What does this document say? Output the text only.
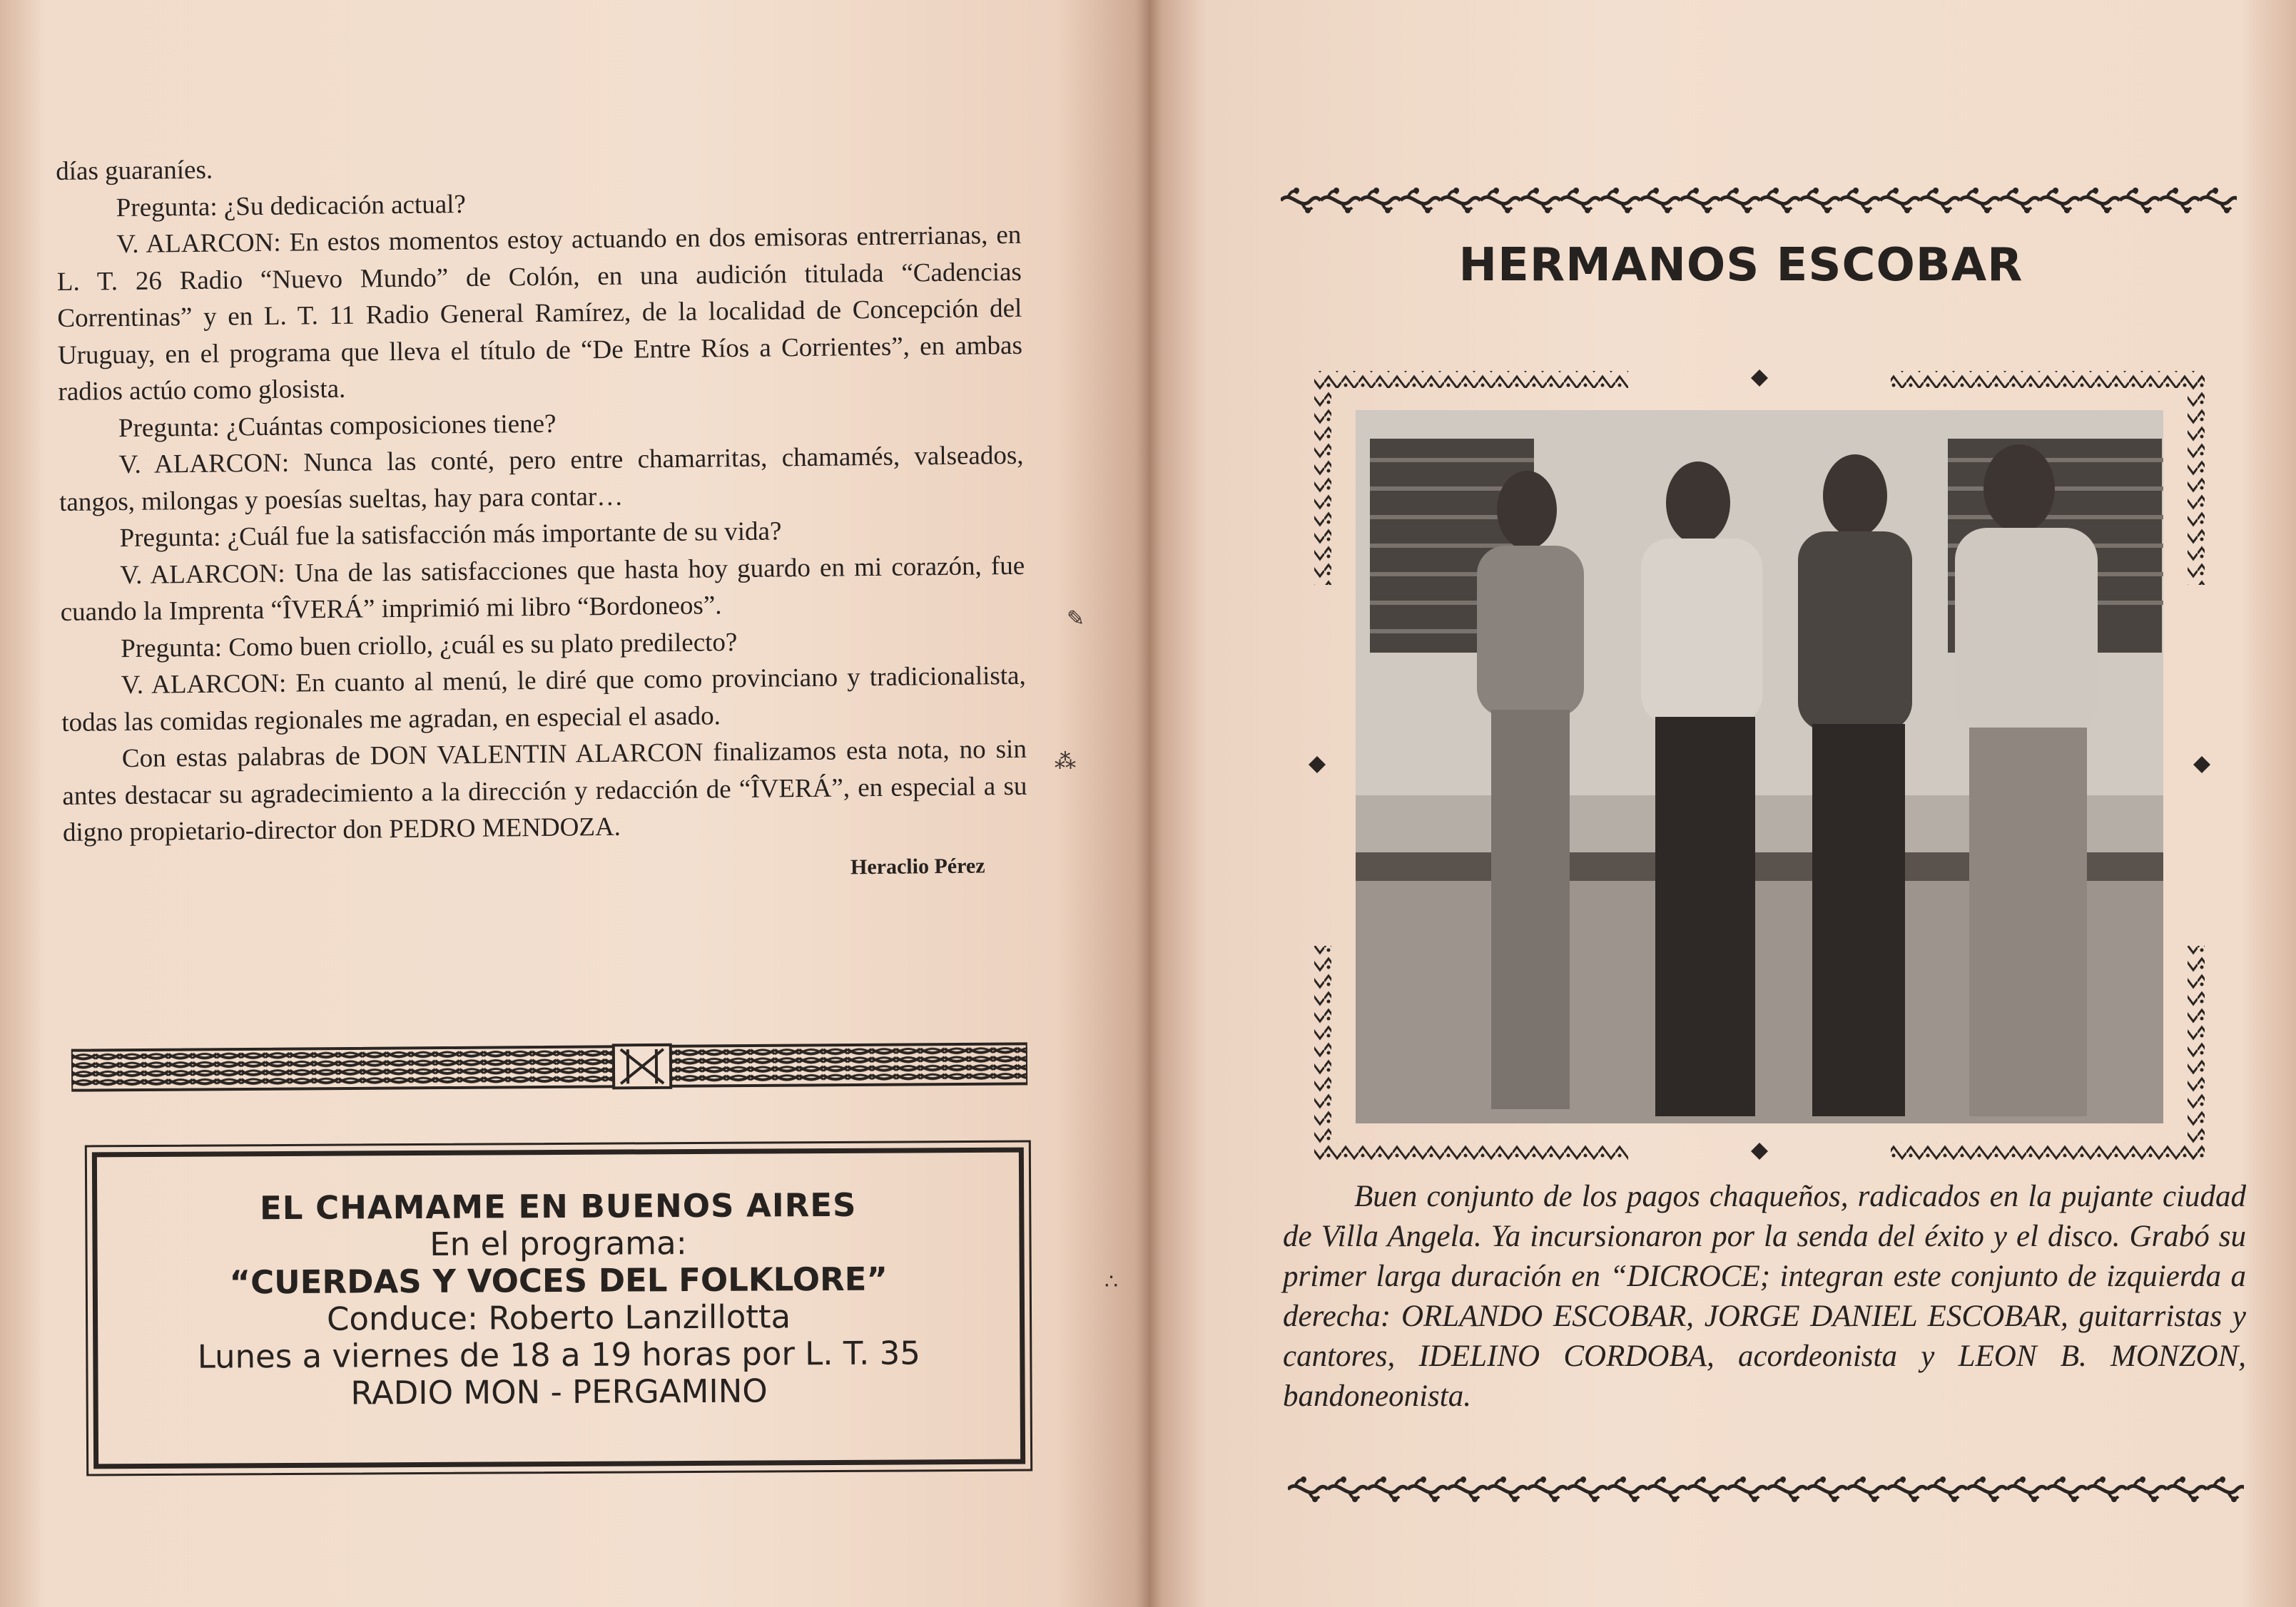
días guaraníes.

Pregunta: ¿Su dedicación actual?

V. ALARCON: En estos momentos estoy actuando en dos emisoras entrerrianas, en L. T. 26 Radio “Nuevo Mundo” de Colón, en una audición titulada “Cadencias Correntinas” y en L. T. 11 Radio General Ramírez, de la localidad de Concepción del Uruguay, en el programa que lleva el título de “De Entre Ríos a Corrientes”, en ambas radios actúo como glosista.

Pregunta: ¿Cuántas composiciones tiene?

V. ALARCON: Nunca las conté, pero entre chamarritas, chamamés, valseados, tangos, milongas y poesías sueltas, hay para contar…

Pregunta: ¿Cuál fue la satisfacción más importante de su vida?

V. ALARCON: Una de las satisfacciones que hasta hoy guardo en mi corazón, fue cuando la Imprenta “ÎVERÁ” imprimió mi libro “Bordoneos”.

Pregunta: Como buen criollo, ¿cuál es su plato predilecto?

V. ALARCON: En cuanto al menú, le diré que como provinciano y tradicionalista, todas las comidas regionales me agradan, en especial el asado.

Con estas palabras de DON VALENTIN ALARCON finalizamos esta nota, no sin antes destacar su agradecimiento a la dirección y redacción de “ÎVERÁ”, en especial a su digno propietario-director don PEDRO MENDOZA.

Heraclio Pérez

EL CHAMAME EN BUENOS AIRES
En el programa:
“CUERDAS Y VOCES DEL FOLKLORE”
Conduce: Roberto Lanzillotta
Lunes a viernes de 18 a 19 horas por L. T. 35
RADIO MON - PERGAMINO
HERMANOS ESCOBAR
Buen conjunto de los pagos chaqueños, radicados en la pujante ciudad de Villa Angela. Ya incursionaron por la senda del éxito y el disco. Grabó su primer larga duración en “DICROCE; integran este conjunto de izquierda a derecha: ORLANDO ESCOBAR, JORGE DANIEL ESCOBAR, guitarristas y cantores, IDELINO CORDOBA, acordeonista y LEON B. MONZON, bandoneonista.
✎
⁂
∴
